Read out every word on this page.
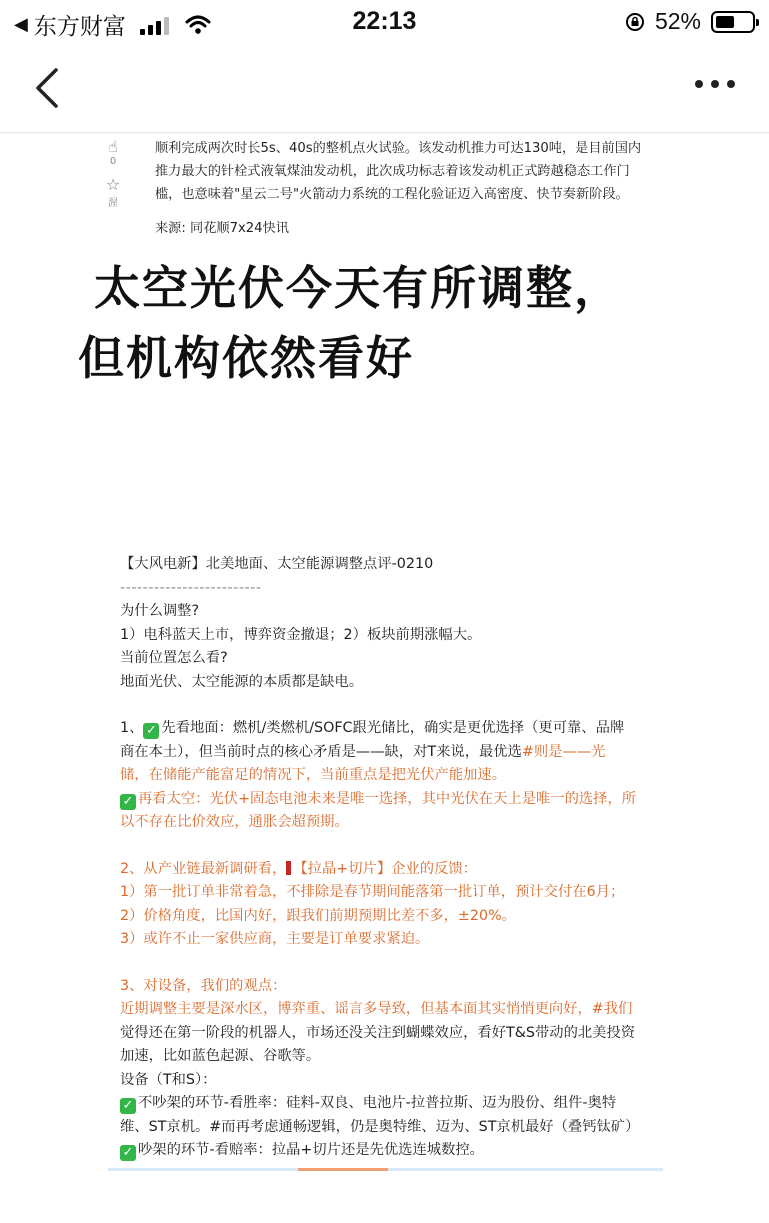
◀ 东方财富	22:13	52%
☝
0
☆
渥
顺利完成两次时长5s、40s的整机点火试验。该发动机推力可达130吨，是目前国内
推力最大的针栓式液氧煤油发动机，此次成功标志着该发动机正式跨越稳态工作门
槛，也意味着"星云二号"火箭动力系统的工程化验证迈入高密度、快节奏新阶段。
来源: 同花顺7x24快讯
太空光伏今天有所调整，
但机构依然看好
【大风电新】北美地面、太空能源调整点评-0210
-------------------------
为什么调整?
1）电科蓝天上市，博弈资金撤退；2）板块前期涨幅大。
当前位置怎么看?
地面光伏、太空能源的本质都是缺电。
1、 ✓ 先看地面：燃机/类燃机/SOFC跟光储比，确实是更优选择（更可靠、品牌
商在本土），但当前时点的核心矛盾是——缺，对T来说，最优选#则是——光
储，在储能产能富足的情况下，当前重点是把光伏产能加速。
✓ 再看太空：光伏+固态电池未来是唯一选择，其中光伏在天上是唯一的选择，所
以不存在比价效应，通胀会超预期。
2、从产业链最新调研看， 【拉晶+切片】企业的反馈：
1）第一批订单非常着急，不排除是春节期间能落第一批订单，预计交付在6月；
2）价格角度，比国内好，跟我们前期预期比差不多，±20%。
3）或许不止一家供应商，主要是订单要求紧迫。
3、对设备，我们的观点：
近期调整主要是深水区，博弈重、谣言多导致，但基本面其实悄悄更向好，#我们
觉得还在第一阶段的机器人，市场还没关注到蝴蝶效应，看好T&S带动的北美投资
加速，比如蓝色起源、谷歌等。
设备（T和S）：
✓ 不吵架的环节-看胜率：硅料-双良、电池片-拉普拉斯、迈为股份、组件-奥特
维、ST京机。#而再考虑通畅逻辑，仍是奥特维、迈为、ST京机最好（叠钙钛矿）
✓ 吵架的环节-看赔率：拉晶+切片还是先优选连城数控。
